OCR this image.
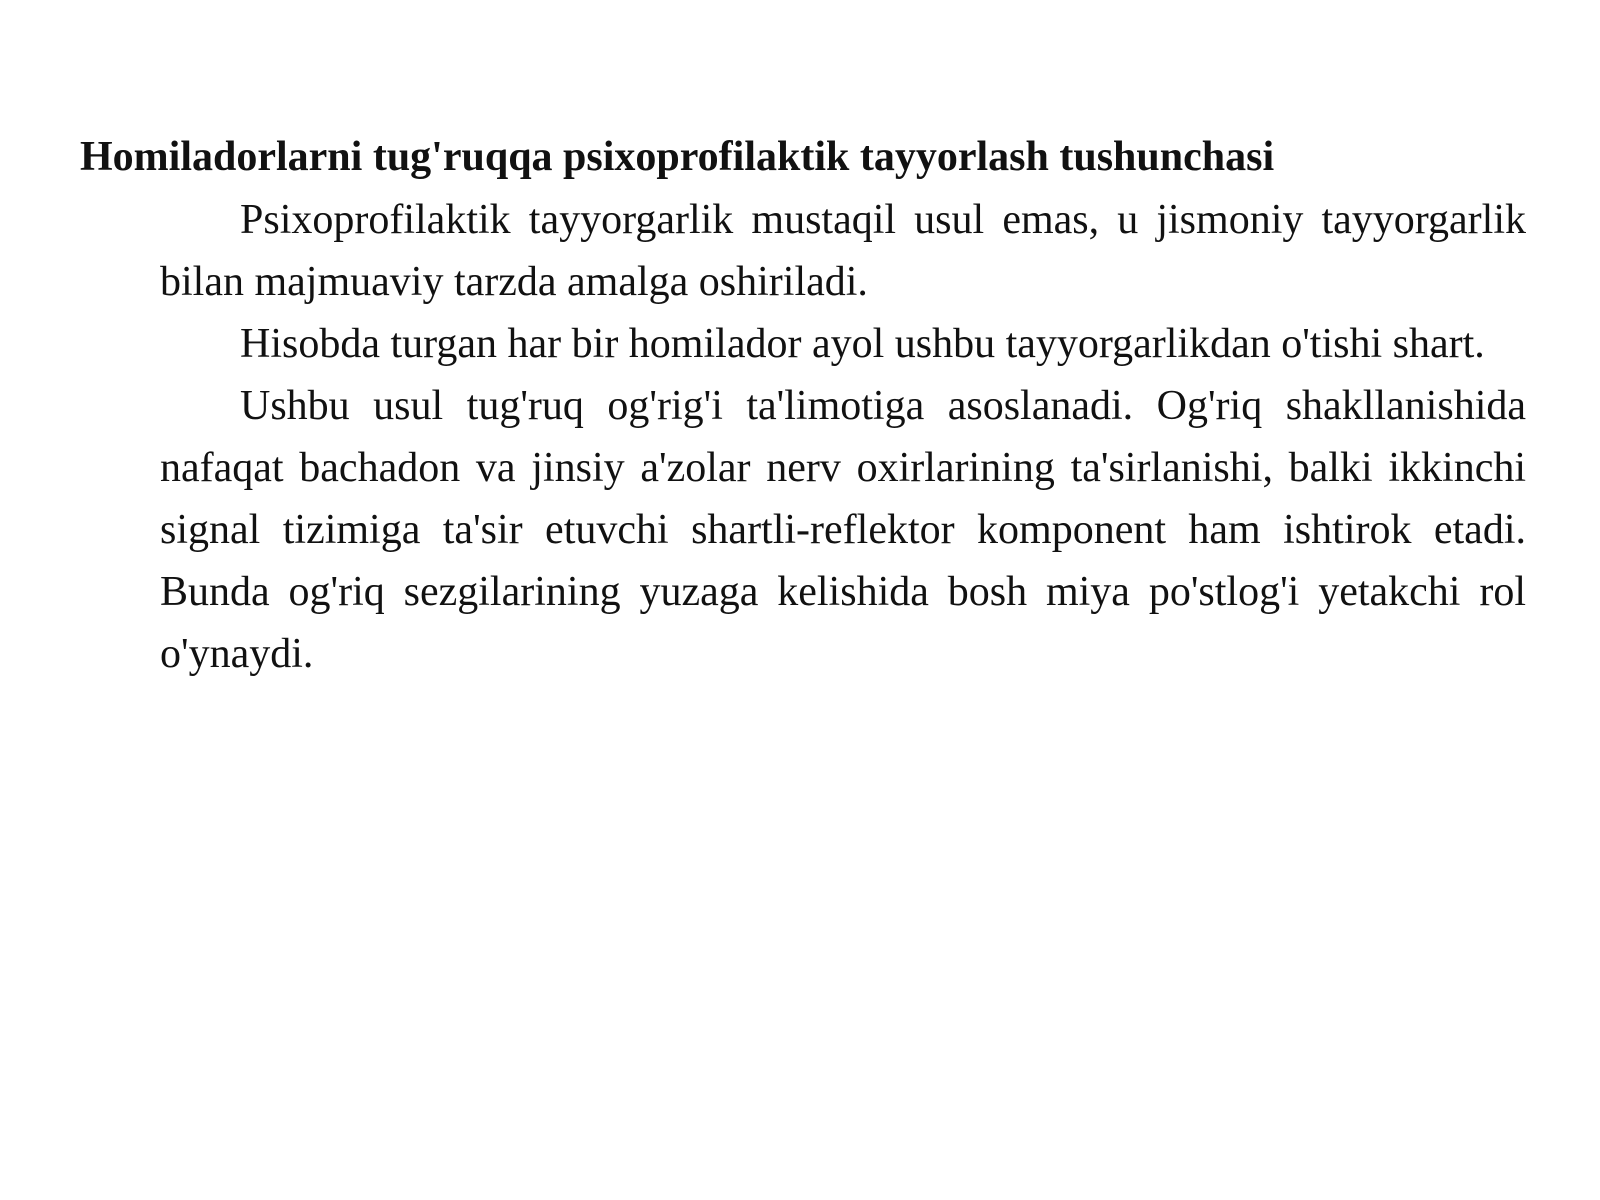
Homiladorlarni tug'ruqqa psixoprofilaktik tayyorlash tushunchasi

Psixoprofilaktik tayyorgarlik mustaqil usul emas, u jismoniy tayyorgarlik bilan majmuaviy tarzda amalga oshiriladi.

Hisobda turgan har bir homilador ayol ushbu tayyorgarlikdan o'tishi shart.

Ushbu usul tug'ruq og'rig'i ta'limotiga asoslanadi. Og'riq shakllanishida nafaqat bachadon va jinsiy a'zolar nerv oxirlarining ta'sirlanishi, balki ikkinchi signal tizimiga ta'sir etuvchi shartli-reflektor komponent ham ishtirok etadi. Bunda og'riq sezgilarining yuzaga kelishida bosh miya po'stlog'i yetakchi rol o'ynaydi.
